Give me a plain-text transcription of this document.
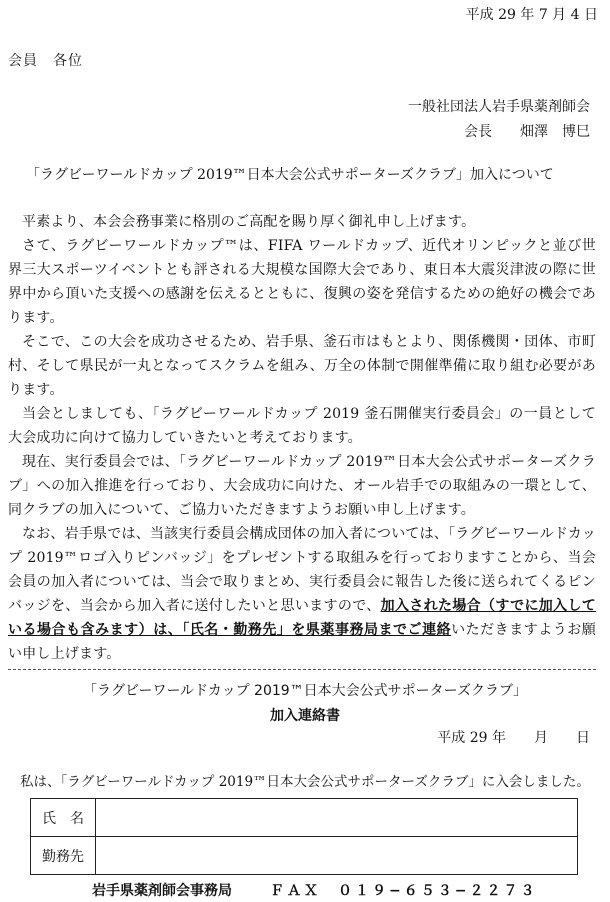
平成 29 年 7 月 4 日
会員　各位
一般社団法人岩手県薬剤師会
会長　　畑澤　博巳
「ラグビーワールドカップ 2019™日本大会公式サポーターズクラブ」加入について

平素より、本会会務事業に格別のご高配を賜り厚く御礼申し上げます。

さて、ラグビーワールドカップ™は、FIFA ワールドカップ、近代オリンピックと並び世界三大スポーツイベントとも評される大規模な国際大会であり、東日本大震災津波の際に世界中から頂いた支援への感謝を伝えるとともに、復興の姿を発信するための絶好の機会であります。

そこで、この大会を成功させるため、岩手県、釜石市はもとより、関係機関・団体、市町村、そして県民が一丸となってスクラムを組み、万全の体制で開催準備に取り組む必要があります。

当会としましても、「ラグビーワールドカップ 2019 釜石開催実行委員会」の一員として大会成功に向けて協力していきたいと考えております。

現在、実行委員会では、「ラグビーワールドカップ 2019™日本大会公式サポーターズクラブ」への加入推進を行っており、大会成功に向けた、オール岩手での取組みの一環として、同クラブの加入について、ご協力いただきますようお願い申し上げます。

なお、岩手県では、当該実行委員会構成団体の加入者については、「ラグビーワールドカップ 2019™ロゴ入りピンバッジ」をプレゼントする取組みを行っておりますことから、当会会員の加入者については、当会で取りまとめ、実行委員会に報告した後に送られてくるピンバッジを、当会から加入者に送付したいと思いますので、加入された場合（すでに加入している場合も含みます）は、「氏名・勤務先」を県薬事務局までご連絡いただきますようお願い申し上げます。

「ラグビーワールドカップ 2019™日本大会公式サポーターズクラブ」
加入連絡書
平成 29 年　　月　　日
私は、「ラグビーワールドカップ 2019™日本大会公式サポーターズクラブ」に入会しました。
氏　名	
勤務先	
岩手県薬剤師会事務局	ＦＡＸ　０１９−６５３−２２７３
